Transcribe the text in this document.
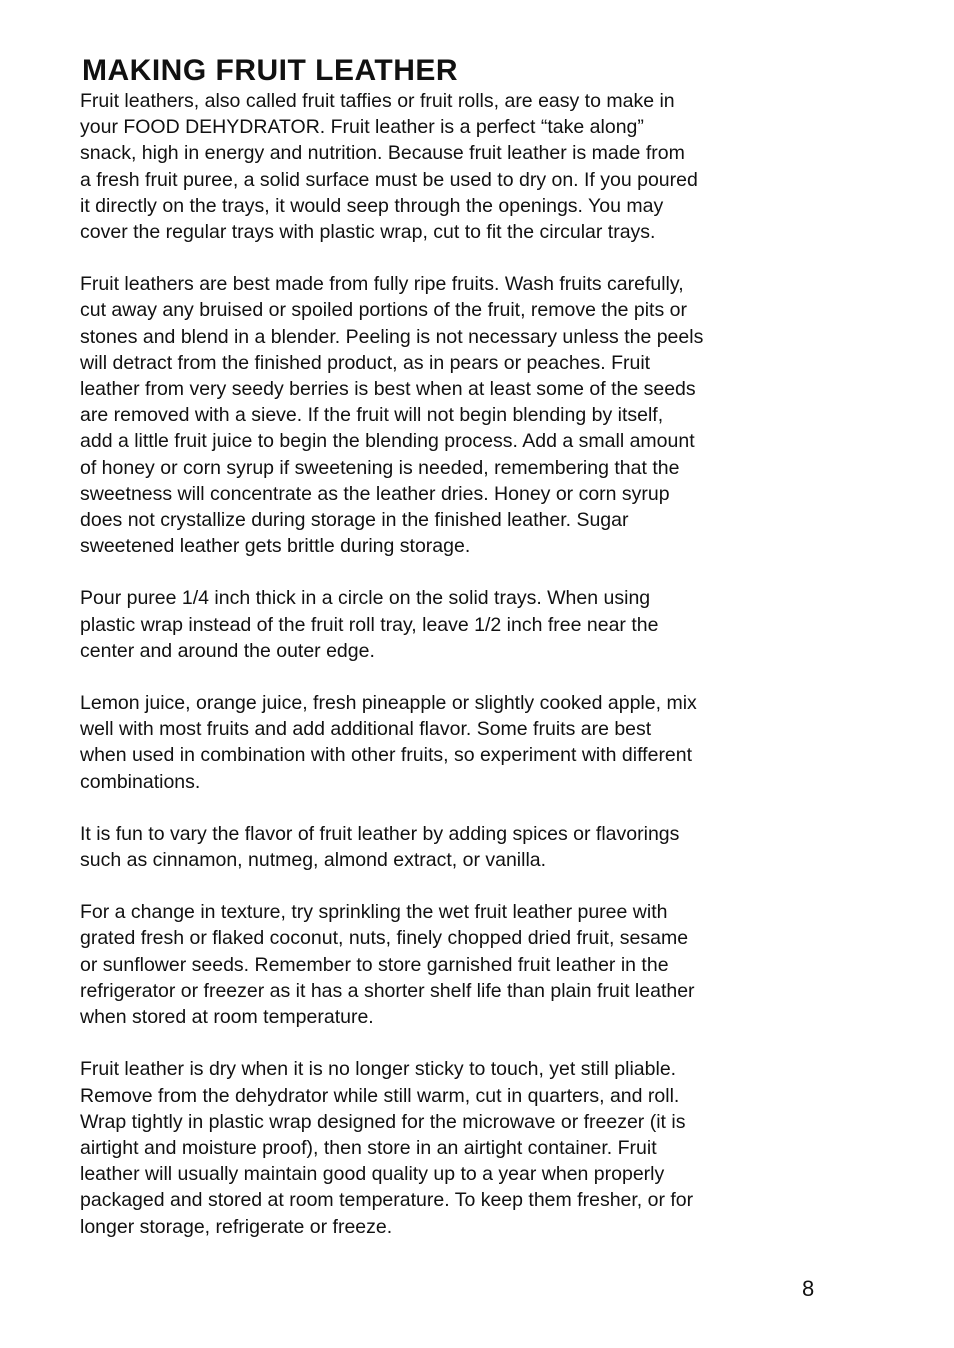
MAKING FRUIT LEATHER

Fruit leathers, also called fruit taffies or fruit rolls, are easy to make in
your FOOD DEHYDRATOR. Fruit leather is a perfect “take along”
snack, high in energy and nutrition. Because fruit leather is made from
a fresh fruit puree, a solid surface must be used to dry on. If you poured
it directly on the trays, it would seep through the openings. You may
cover the regular trays with plastic wrap, cut to fit the circular trays.

Fruit leathers are best made from fully ripe fruits. Wash fruits carefully,
cut away any bruised or spoiled portions of the fruit, remove the pits or
stones and blend in a blender. Peeling is not necessary unless the peels
will detract from the finished product, as in pears or peaches. Fruit
leather from very seedy berries is best when at least some of the seeds
are removed with a sieve. If the fruit will not begin blending by itself,
add a little fruit juice to begin the blending process. Add a small amount
of honey or corn syrup if sweetening is needed, remembering that the
sweetness will concentrate as the leather dries. Honey or corn syrup
does not crystallize during storage in the finished leather. Sugar
sweetened leather gets brittle during storage.

Pour puree 1/4 inch thick in a circle on the solid trays. When using
plastic wrap instead of the fruit roll tray, leave 1/2 inch free near the
center and around the outer edge.

Lemon juice, orange juice, fresh pineapple or slightly cooked apple, mix
well with most fruits and add additional flavor. Some fruits are best
when used in combination with other fruits, so experiment with different
combinations.

It is fun to vary the flavor of fruit leather by adding spices or flavorings
such as cinnamon, nutmeg, almond extract, or vanilla.

For a change in texture, try sprinkling the wet fruit leather puree with
grated fresh or flaked coconut, nuts, finely chopped dried fruit, sesame
or sunflower seeds. Remember to store garnished fruit leather in the
refrigerator or freezer as it has a shorter shelf life than plain fruit leather
when stored at room temperature.

Fruit leather is dry when it is no longer sticky to touch, yet still pliable.
Remove from the dehydrator while still warm, cut in quarters, and roll.
Wrap tightly in plastic wrap designed for the microwave or freezer (it is
airtight and moisture proof), then store in an airtight container. Fruit
leather will usually maintain good quality up to a year when properly
packaged and stored at room temperature. To keep them fresher, or for
longer storage, refrigerate or freeze.

8
